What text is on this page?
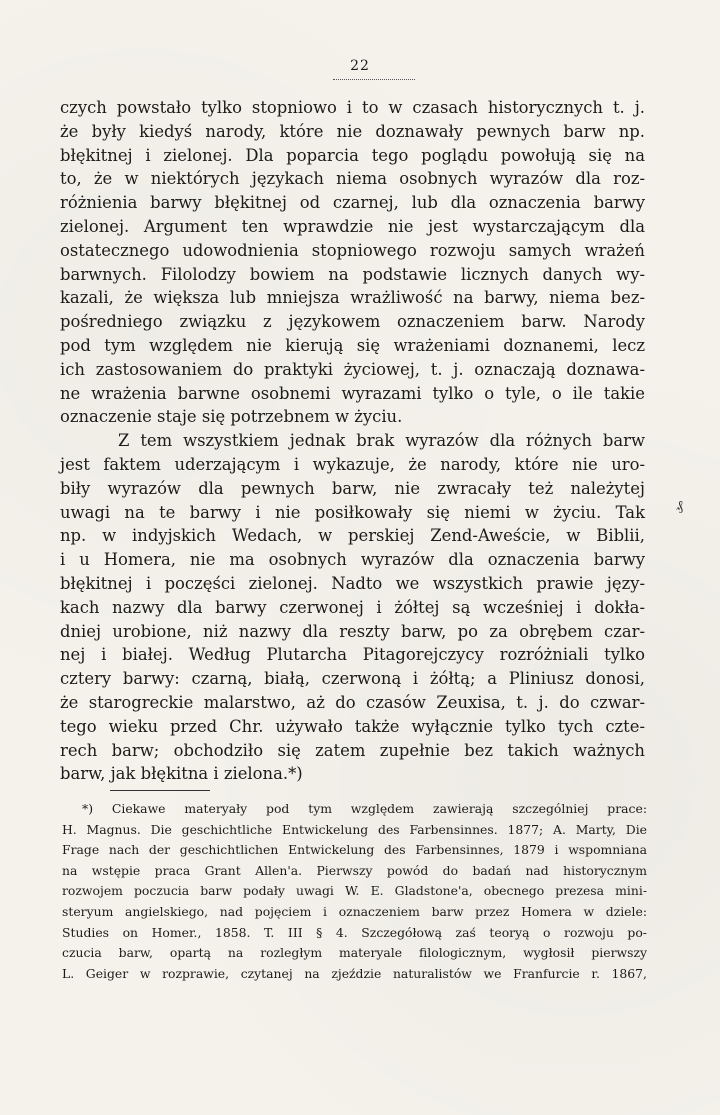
22
czych powstało tylko stopniowo i to w czasach historycznych t. j.
że były kiedyś narody, które nie doznawały pewnych barw np.
błękitnej i zielonej. Dla poparcia tego poglądu powołują się na
to, że w niektórych językach niema osobnych wyrazów dla roz-
różnienia barwy błękitnej od czarnej, lub dla oznaczenia barwy
zielonej. Argument ten wprawdzie nie jest wystarczającym dla
ostatecznego udowodnienia stopniowego rozwoju samych wrażeń
barwnych. Filolodzy bowiem na podstawie licznych danych wy-
kazali, że większa lub mniejsza wrażliwość na barwy, niema bez-
pośredniego związku z językowem oznaczeniem barw. Narody
pod tym względem nie kierują się wrażeniami doznanemi, lecz
ich zastosowaniem do praktyki życiowej, t. j. oznaczają doznawa-
ne wrażenia barwne osobnemi wyrazami tylko o tyle, o ile takie
oznaczenie staje się potrzebnem w życiu.
Z tem wszystkiem jednak brak wyrazów dla różnych barw
jest faktem uderzającym i wykazuje, że narody, które nie uro-
biły wyrazów dla pewnych barw, nie zwracały też należytej
uwagi na te barwy i nie posiłkowały się niemi w życiu. Tak
np. w indyjskich Wedach, w perskiej Zend-Aweście, w Biblii,
i u Homera, nie ma osobnych wyrazów dla oznaczenia barwy
błękitnej i poczęści zielonej. Nadto we wszystkich prawie języ-
kach nazwy dla barwy czerwonej i żółtej są wcześniej i dokła-
dniej urobione, niż nazwy dla reszty barw, po za obrębem czar-
nej i białej. Według Plutarcha Pitagorejczycy rozróżniali tylko
cztery barwy: czarną, białą, czerwoną i żółtą; a Pliniusz donosi,
że starogreckie malarstwo, aż do czasów Zeuxisa, t. j. do czwar-
tego wieku przed Chr. używało także wyłącznie tylko tych czte-
rech barw; obchodziło się zatem zupełnie bez takich ważnych
barw, jak błękitna i zielona.*)
*) Ciekawe materyały pod tym względem zawierają szczególniej prace:
H. Magnus. Die geschichtliche Entwickelung des Farbensinnes. 1877; A. Marty, Die
Frage nach der geschichtlichen Entwickelung des Farbensinnes, 1879 i wspomniana
na wstępie praca Grant Allen'a. Pierwszy powód do badań nad historycznym
rozwojem poczucia barw podały uwagi W. E. Gladstone'a, obecnego prezesa mini-
steryum angielskiego, nad pojęciem i oznaczeniem barw przez Homera w dziele:
Studies on Homer., 1858. T. III § 4. Szczegółową zaś teoryą o rozwoju po-
czucia barw, opartą na rozległym materyale filologicznym, wygłosił pierwszy
L. Geiger w rozprawie, czytanej na zjeździe naturalistów we Franfurcie r. 1867,
₰
